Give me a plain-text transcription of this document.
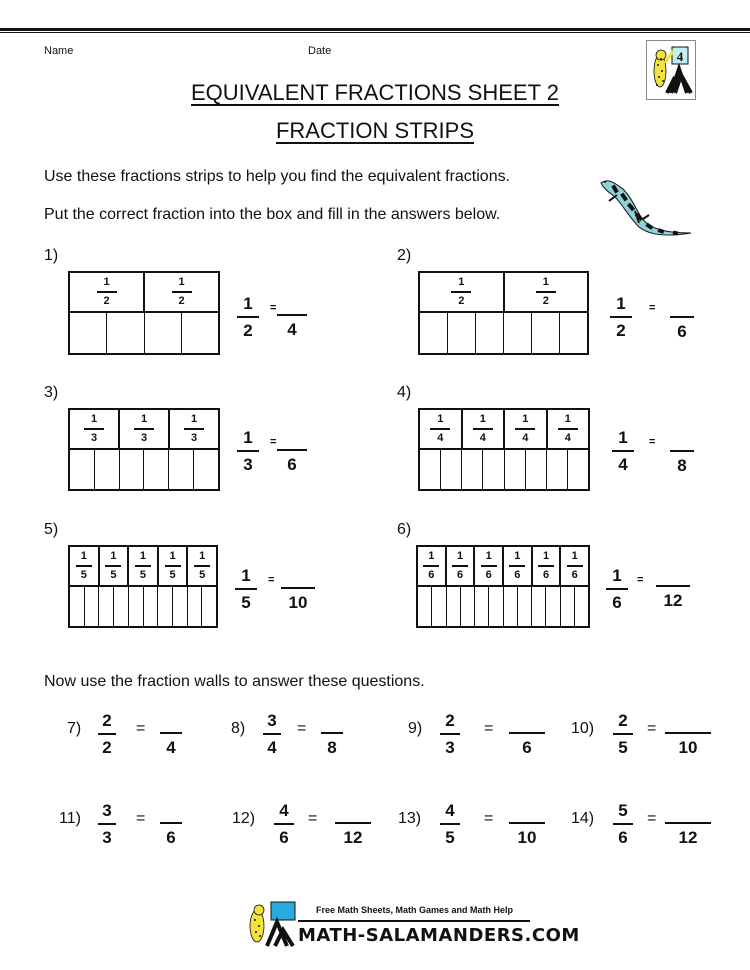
Name	Date	4
EQUIVALENT FRACTIONS SHEET 2
FRACTION STRIPS
Use these fractions strips to help you find the equivalent fractions.
Put the correct fraction into the box and fill in the answers below.
1)	2)
3)	4)
5)	6)
1
2
1
2
1
2
1
2
1
3
1
3
1
3
1
4
1
4
1
4
1
4
1
5
1
5
1
5
1
5
1
5
1
6
1
6
1
6
1
6
1
6
1
6
1
2
=
4
1
2
=
6
1
3
=
6
1
4
=
8
1
5
=
10
1
6
=
12
Now use the fraction walls to answer these questions.
7) 2
2
=
4
8) 3
4
=
8
9) 2
3
=
6
10) 2
5
=
10
11) 3
3
=
6
12) 4
6
=
12
13) 4
5
=
10
14) 5
6
=
12
Free Math Sheets, Math Games and Math Help
MATH-SALAMANDERS.COM
